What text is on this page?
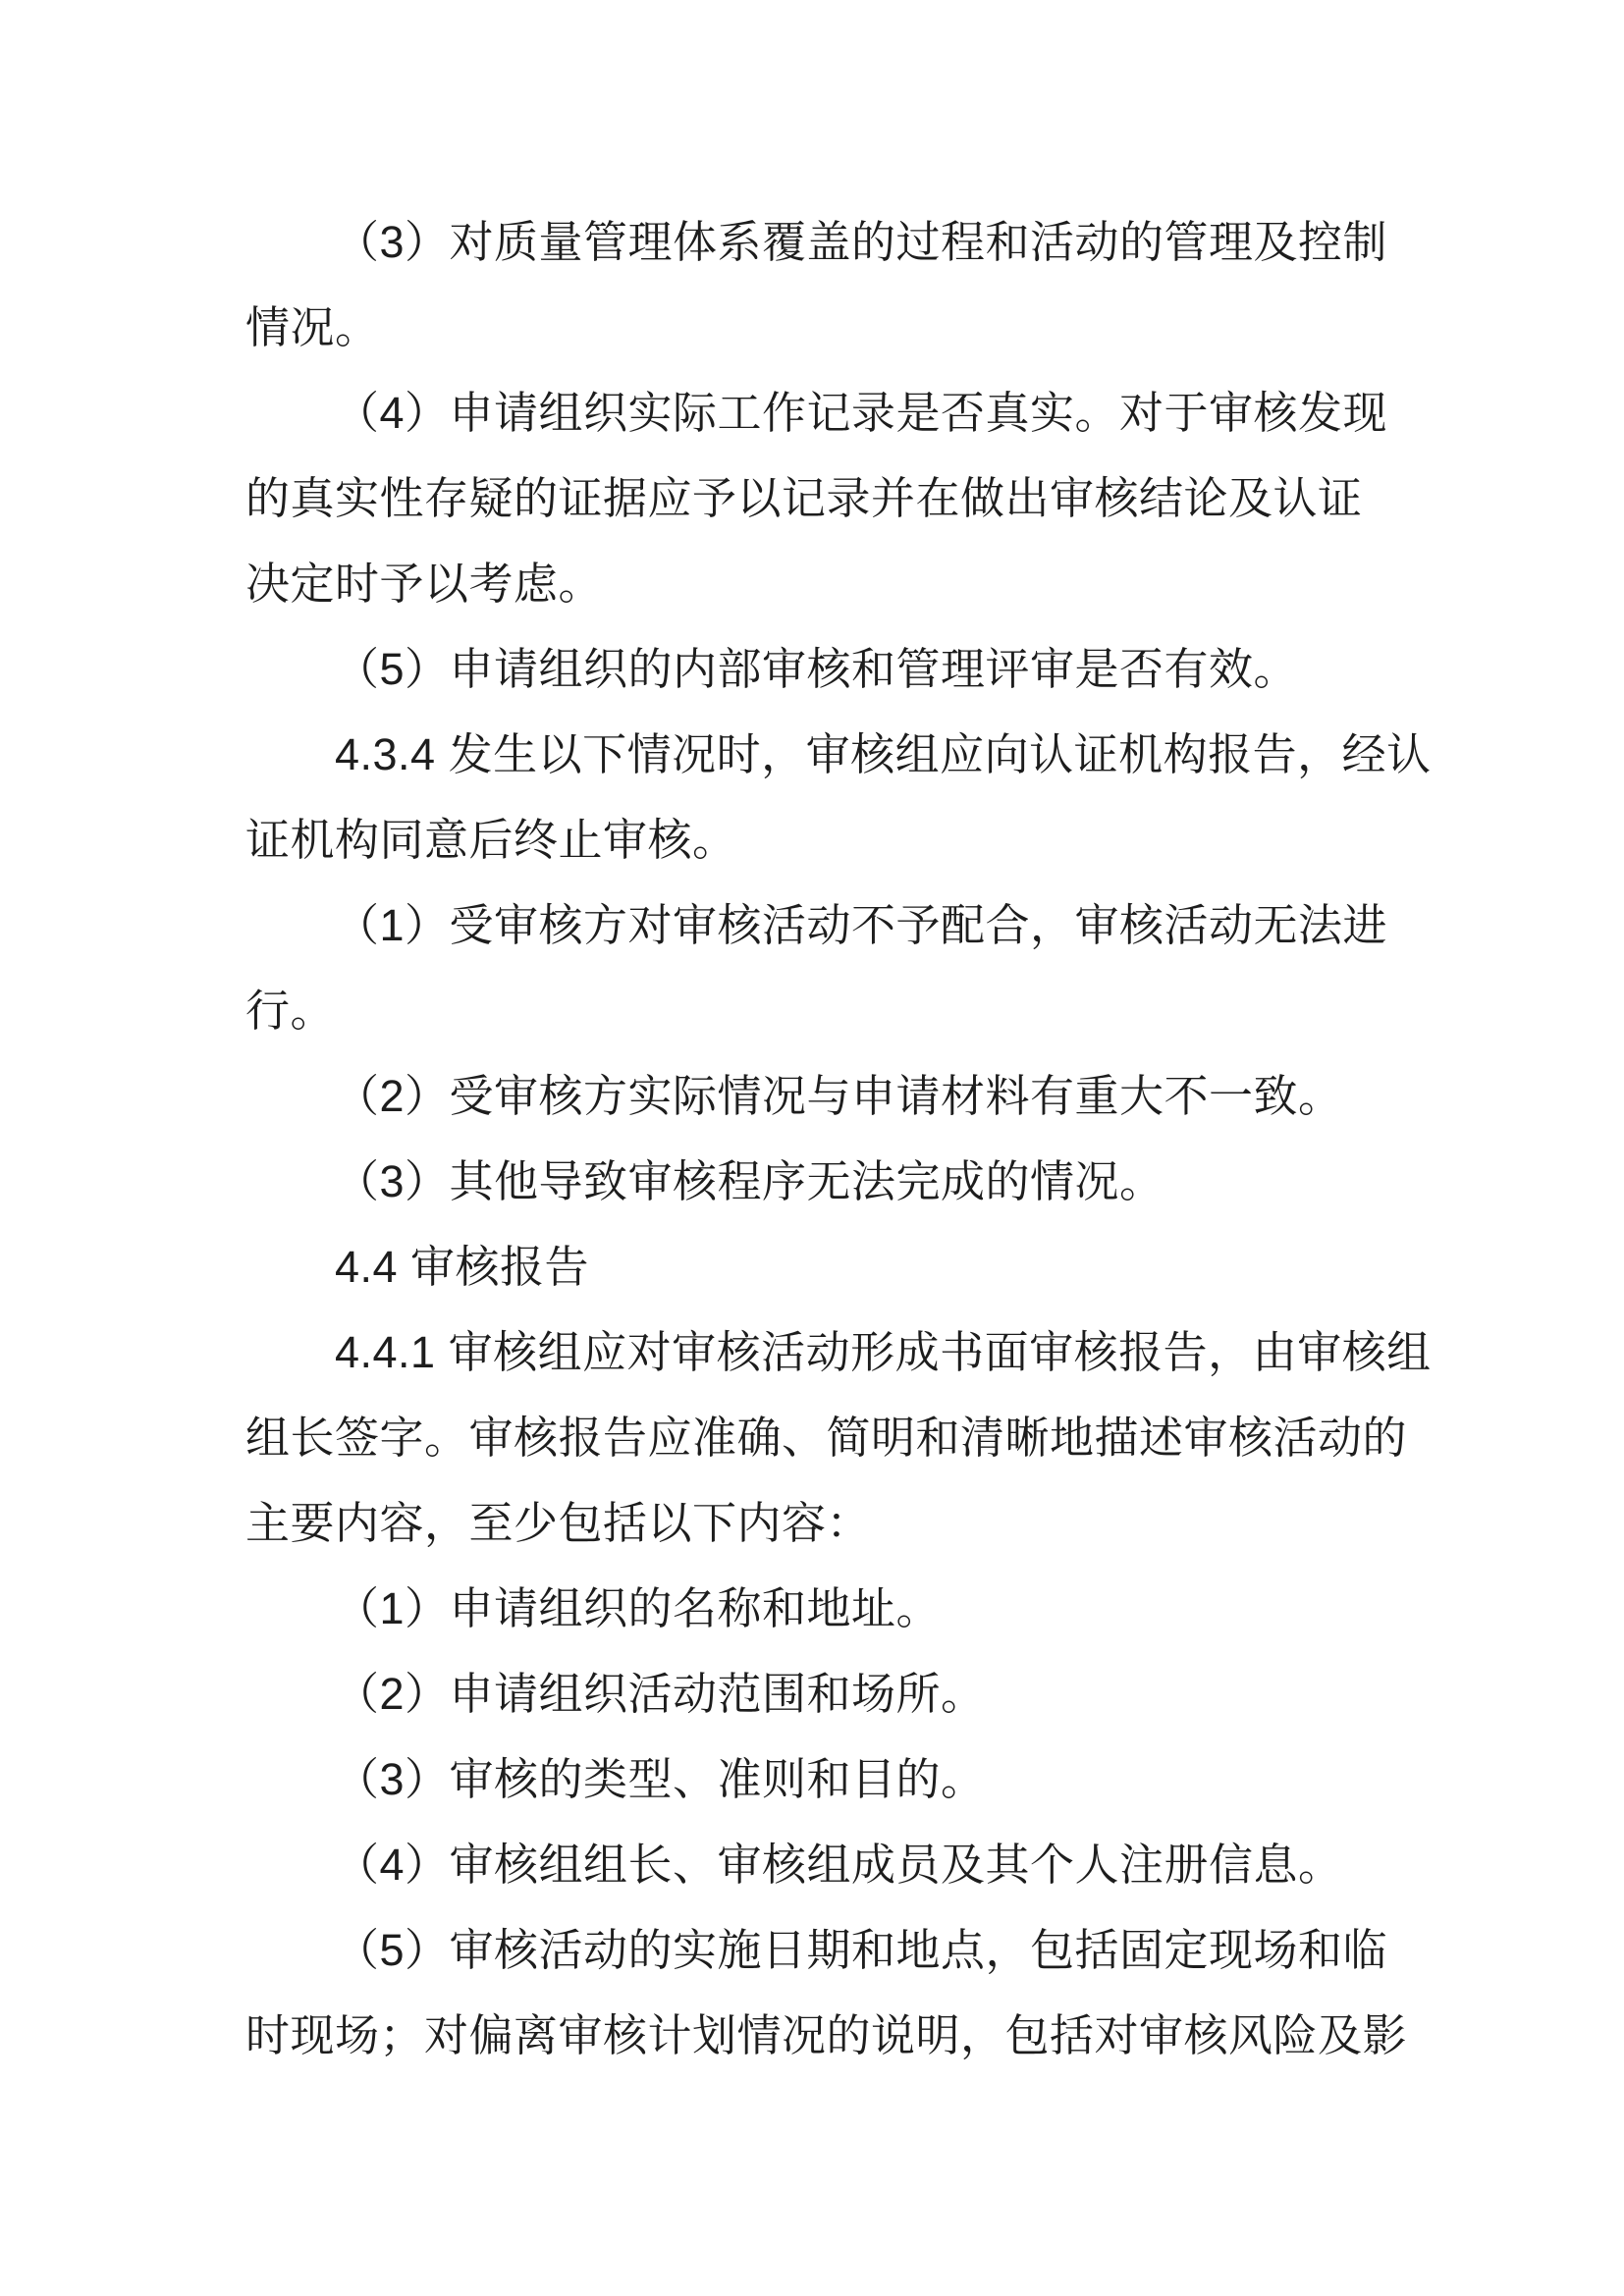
（3）对质量管理体系覆盖的过程和活动的管理及控制
情况。
（4）申请组织实际工作记录是否真实。对于审核发现
的真实性存疑的证据应予以记录并在做出审核结论及认证
决定时予以考虑。
（5）申请组织的内部审核和管理评审是否有效。
4.3.4 发生以下情况时，审核组应向认证机构报告，经认
证机构同意后终止审核。
（1）受审核方对审核活动不予配合，审核活动无法进
行。
（2）受审核方实际情况与申请材料有重大不一致。
（3）其他导致审核程序无法完成的情况。
4.4 审核报告
4.4.1 审核组应对审核活动形成书面审核报告，由审核组
组长签字。审核报告应准确、简明和清晰地描述审核活动的
主要内容，至少包括以下内容：
（1）申请组织的名称和地址。
（2）申请组织活动范围和场所。
（3）审核的类型、准则和目的。
（4）审核组组长、审核组成员及其个人注册信息。
（5）审核活动的实施日期和地点，包括固定现场和临
时现场；对偏离审核计划情况的说明，包括对审核风险及影
